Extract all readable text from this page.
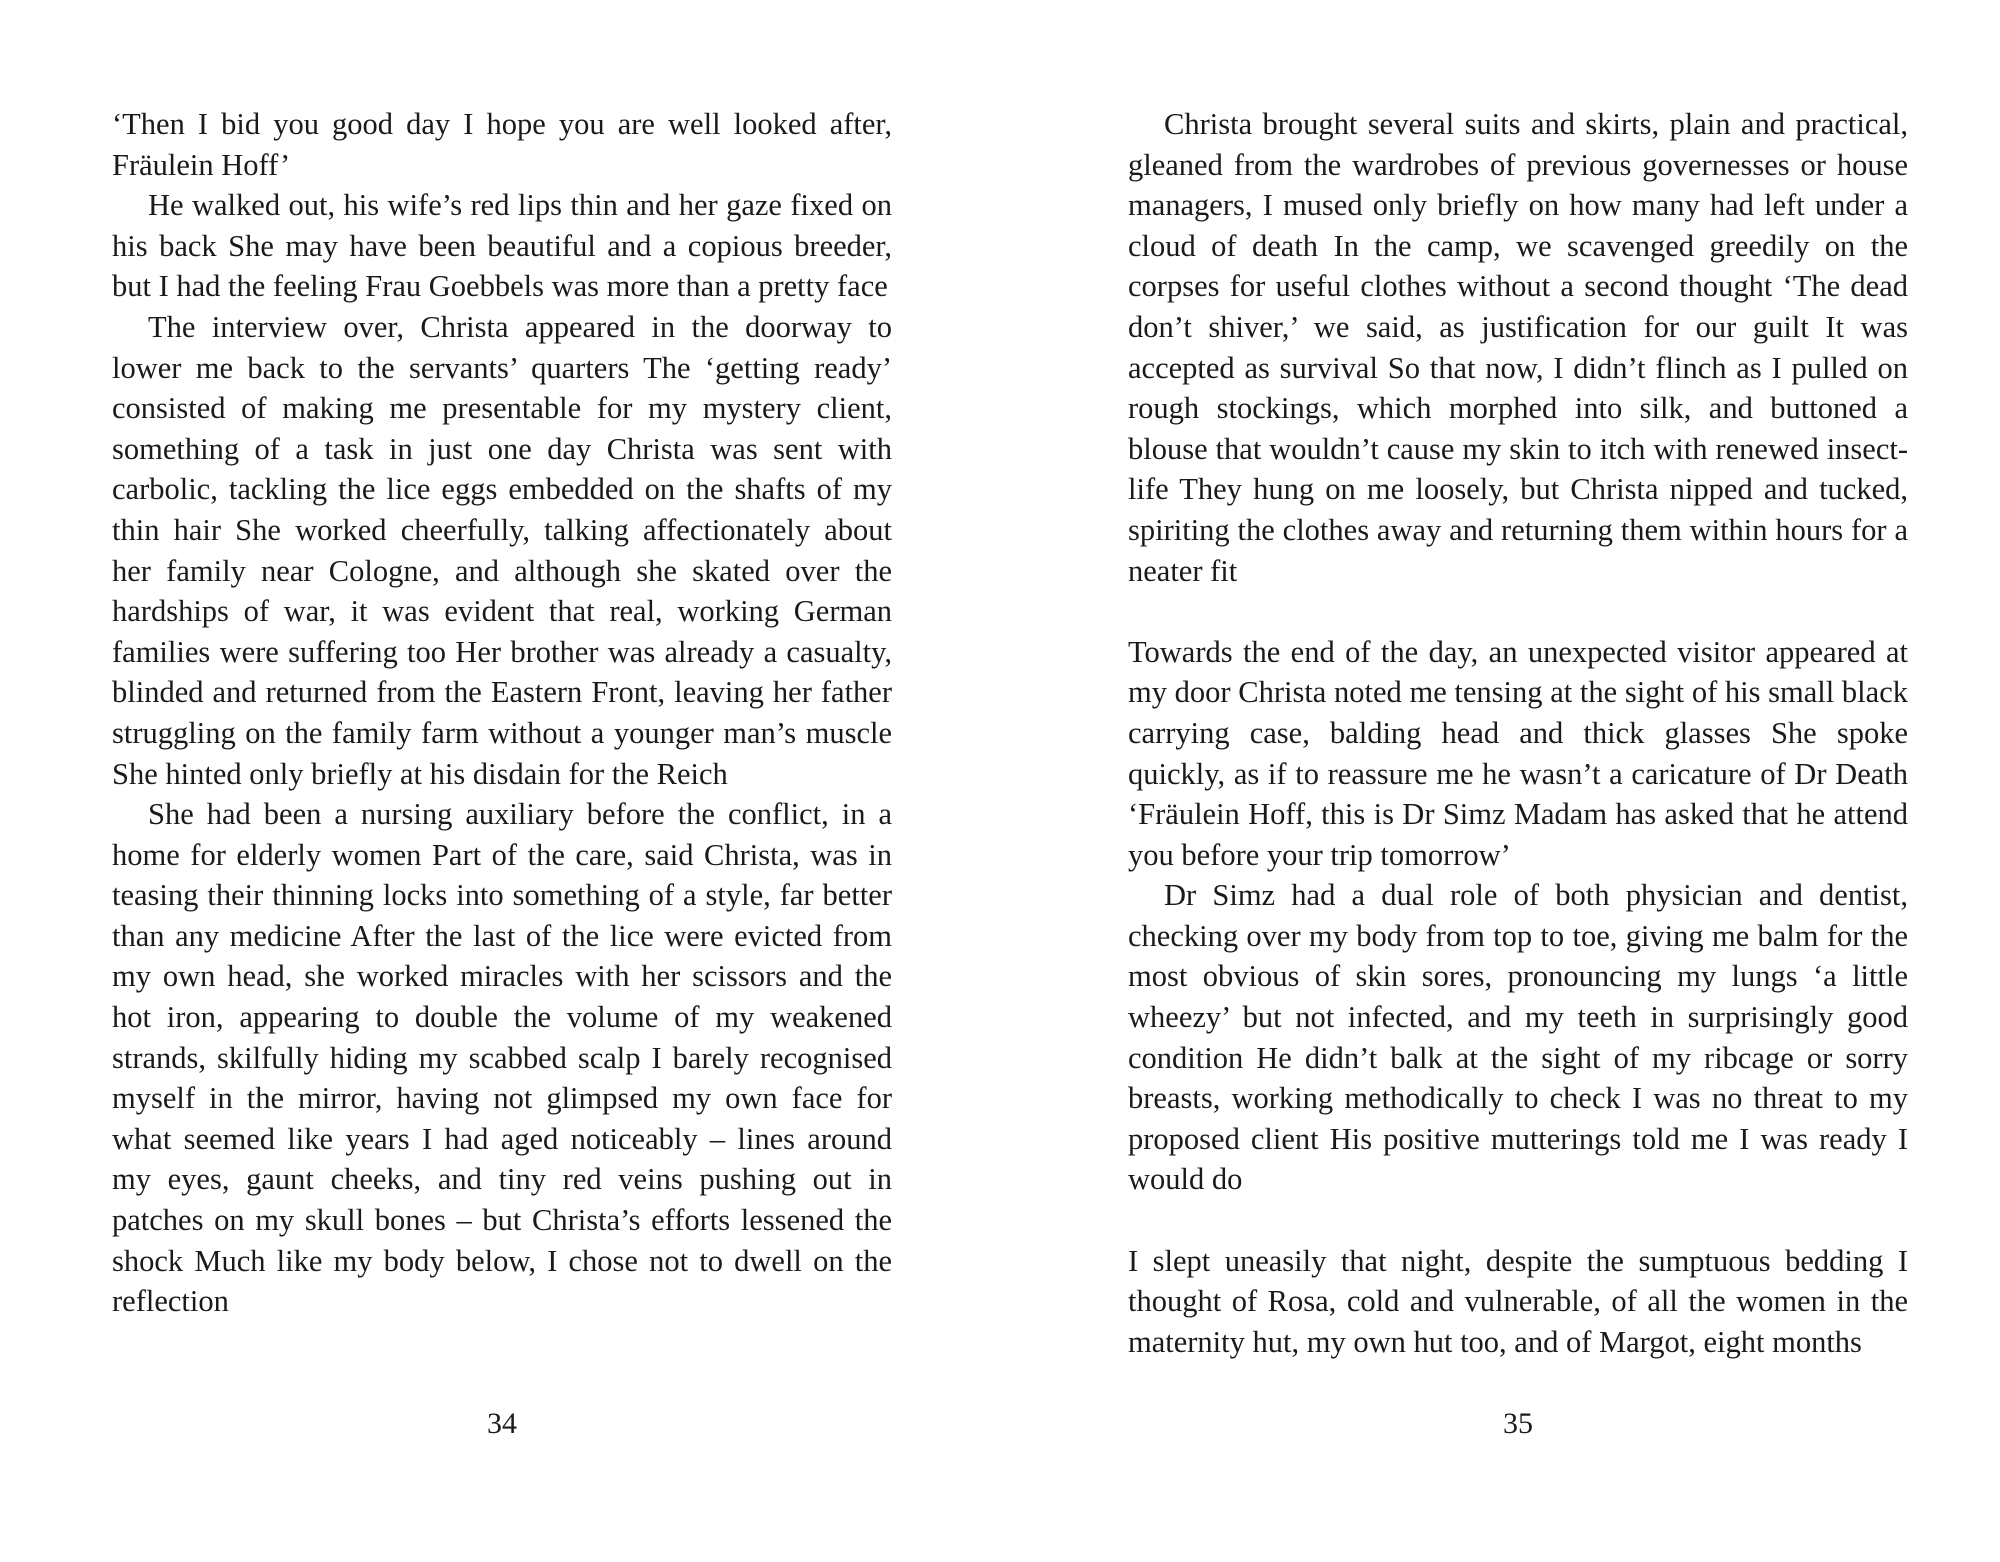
‘Then I bid you good day I hope you are well looked after, Fräulein Hoff’

He walked out, his wife’s red lips thin and her gaze fixed on his back She may have been beautiful and a copious breeder, but I had the feeling Frau Goebbels was more than a pretty face

The interview over, Christa appeared in the doorway to lower me back to the servants’ quarters The ‘getting ready’ consisted of making me presentable for my mystery client, something of a task in just one day Christa was sent with carbolic, tackling the lice eggs embedded on the shafts of my thin hair She worked cheerfully, talking affectionately about her family near Cologne, and although she skated over the hardships of war, it was evident that real, working German families were suffering too Her brother was already a casualty, blinded and returned from the Eastern Front, leaving her father struggling on the family farm without a younger man’s muscle She hinted only briefly at his disdain for the Reich

She had been a nursing auxiliary before the conflict, in a home for elderly women Part of the care, said Christa, was in teasing their thinning locks into something of a style, far better than any medicine After the last of the lice were evicted from my own head, she worked miracles with her scissors and the hot iron, appearing to double the volume of my weakened strands, skilfully hiding my scabbed scalp I barely recognised myself in the mirror, having not glimpsed my own face for what seemed like years I had aged noticeably – lines around my eyes, gaunt cheeks, and tiny red veins pushing out in patches on my skull bones – but Christa’s efforts lessened the shock Much like my body below, I chose not to dwell on the reflection

34

Christa brought several suits and skirts, plain and practical, gleaned from the wardrobes of previous governesses or house managers, I mused only briefly on how many had left under a cloud of death In the camp, we scavenged greedily on the corpses for useful clothes without a second thought ‘The dead don’t shiver,’ we said, as justification for our guilt It was accepted as survival So that now, I didn’t flinch as I pulled on rough stockings, which morphed into silk, and buttoned a blouse that wouldn’t cause my skin to itch with renewed insect-life They hung on me loosely, but Christa nipped and tucked, spiriting the clothes away and returning them within hours for a neater fit

Towards the end of the day, an unexpected visitor appeared at my door Christa noted me tensing at the sight of his small black carrying case, balding head and thick glasses She spoke quickly, as if to reassure me he wasn’t a caricature of Dr Death ‘Fräulein Hoff, this is Dr Simz Madam has asked that he attend you before your trip tomorrow’

Dr Simz had a dual role of both physician and dentist, checking over my body from top to toe, giving me balm for the most obvious of skin sores, pronouncing my lungs ‘a little wheezy’ but not infected, and my teeth in surprisingly good condition He didn’t balk at the sight of my ribcage or sorry breasts, working methodically to check I was no threat to my proposed client His positive mutterings told me I was ready I would do

I slept uneasily that night, despite the sumptuous bedding I thought of Rosa, cold and vulnerable, of all the women in the maternity hut, my own hut too, and of Margot, eight months

35
